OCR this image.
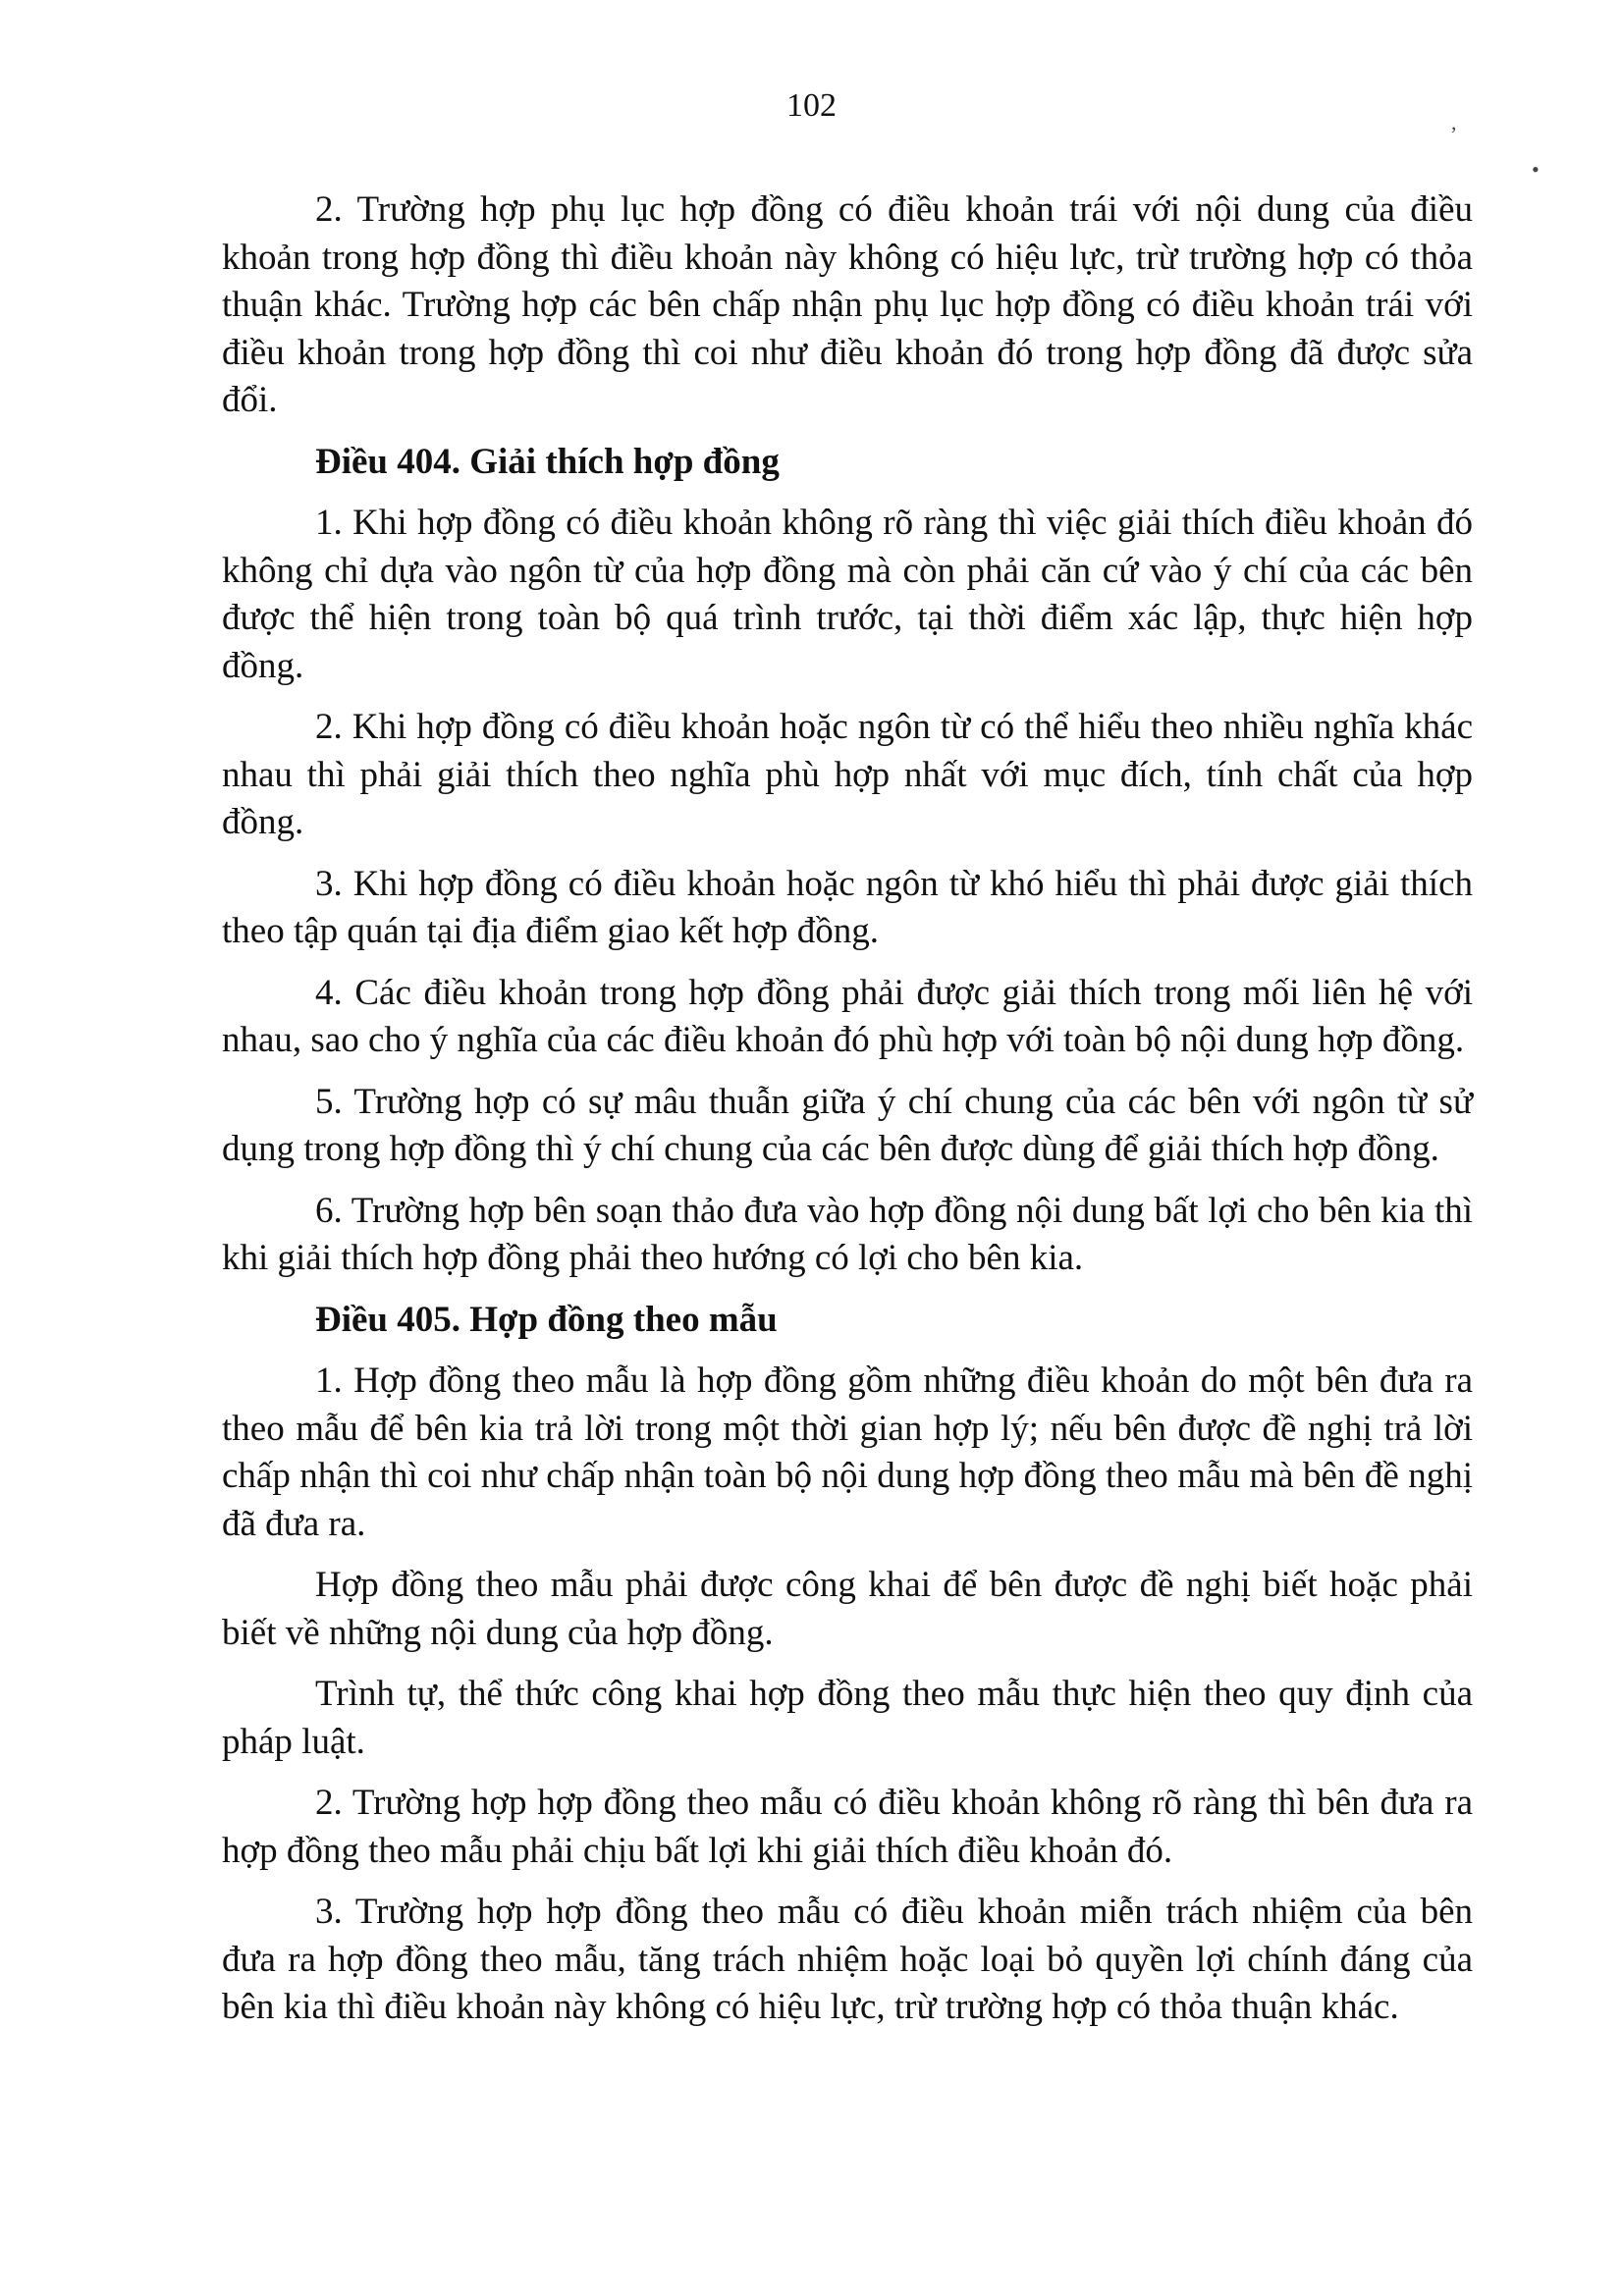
102

2. Trường hợp phụ lục hợp đồng có điều khoản trái với nội dung của điều khoản trong hợp đồng thì điều khoản này không có hiệu lực, trừ trường hợp có thỏa thuận khác. Trường hợp các bên chấp nhận phụ lục hợp đồng có điều khoản trái với điều khoản trong hợp đồng thì coi như điều khoản đó trong hợp đồng đã được sửa đổi.

Điều 404. Giải thích hợp đồng

1. Khi hợp đồng có điều khoản không rõ ràng thì việc giải thích điều khoản đó không chỉ dựa vào ngôn từ của hợp đồng mà còn phải căn cứ vào ý chí của các bên được thể hiện trong toàn bộ quá trình trước, tại thời điểm xác lập, thực hiện hợp đồng.

2. Khi hợp đồng có điều khoản hoặc ngôn từ có thể hiểu theo nhiều nghĩa khác nhau thì phải giải thích theo nghĩa phù hợp nhất với mục đích, tính chất của hợp đồng.

3. Khi hợp đồng có điều khoản hoặc ngôn từ khó hiểu thì phải được giải thích theo tập quán tại địa điểm giao kết hợp đồng.

4. Các điều khoản trong hợp đồng phải được giải thích trong mối liên hệ với nhau, sao cho ý nghĩa của các điều khoản đó phù hợp với toàn bộ nội dung hợp đồng.

5. Trường hợp có sự mâu thuẫn giữa ý chí chung của các bên với ngôn từ sử dụng trong hợp đồng thì ý chí chung của các bên được dùng để giải thích hợp đồng.

6. Trường hợp bên soạn thảo đưa vào hợp đồng nội dung bất lợi cho bên kia thì khi giải thích hợp đồng phải theo hướng có lợi cho bên kia.

Điều 405. Hợp đồng theo mẫu

1. Hợp đồng theo mẫu là hợp đồng gồm những điều khoản do một bên đưa ra theo mẫu để bên kia trả lời trong một thời gian hợp lý; nếu bên được đề nghị trả lời chấp nhận thì coi như chấp nhận toàn bộ nội dung hợp đồng theo mẫu mà bên đề nghị đã đưa ra.

Hợp đồng theo mẫu phải được công khai để bên được đề nghị biết hoặc phải biết về những nội dung của hợp đồng.

Trình tự, thể thức công khai hợp đồng theo mẫu thực hiện theo quy định của pháp luật.

2. Trường hợp hợp đồng theo mẫu có điều khoản không rõ ràng thì bên đưa ra hợp đồng theo mẫu phải chịu bất lợi khi giải thích điều khoản đó.

3. Trường hợp hợp đồng theo mẫu có điều khoản miễn trách nhiệm của bên đưa ra hợp đồng theo mẫu, tăng trách nhiệm hoặc loại bỏ quyền lợi chính đáng của bên kia thì điều khoản này không có hiệu lực, trừ trường hợp có thỏa thuận khác.

,
•
